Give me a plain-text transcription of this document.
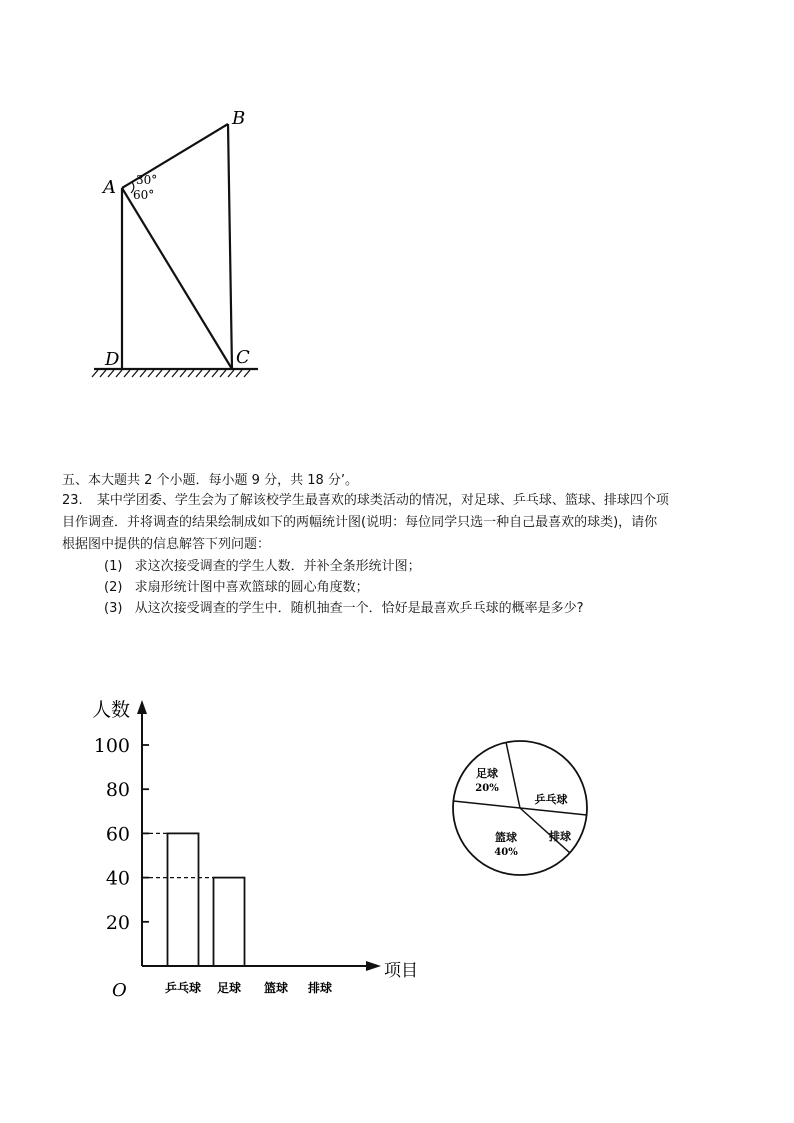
A
B
C
D
30°
60°
五、本大题共 2 个小题．每小题 9 分，共 18 分’。
23. 某中学团委、学生会为了解该校学生最喜欢的球类活动的情况，对足球、乒乓球、篮球、排球四个项
目作调查．并将调查的结果绘制成如下的两幅统计图(说明：每位同学只选一种自己最喜欢的球类)，请你
根据图中提供的信息解答下列问题：
(1) 求这次接受调查的学生人数．并补全条形统计图；
(2) 求扇形统计图中喜欢篮球的圆心角度数；
(3) 从这次接受调查的学生中．随机抽查一个．恰好是最喜欢乒乓球的概率是多少?
人数
项目
O
20
40
60
80
100
乒乓球 足球 篮球 排球
足球
20%
乒乓球
排球
篮球
40%
